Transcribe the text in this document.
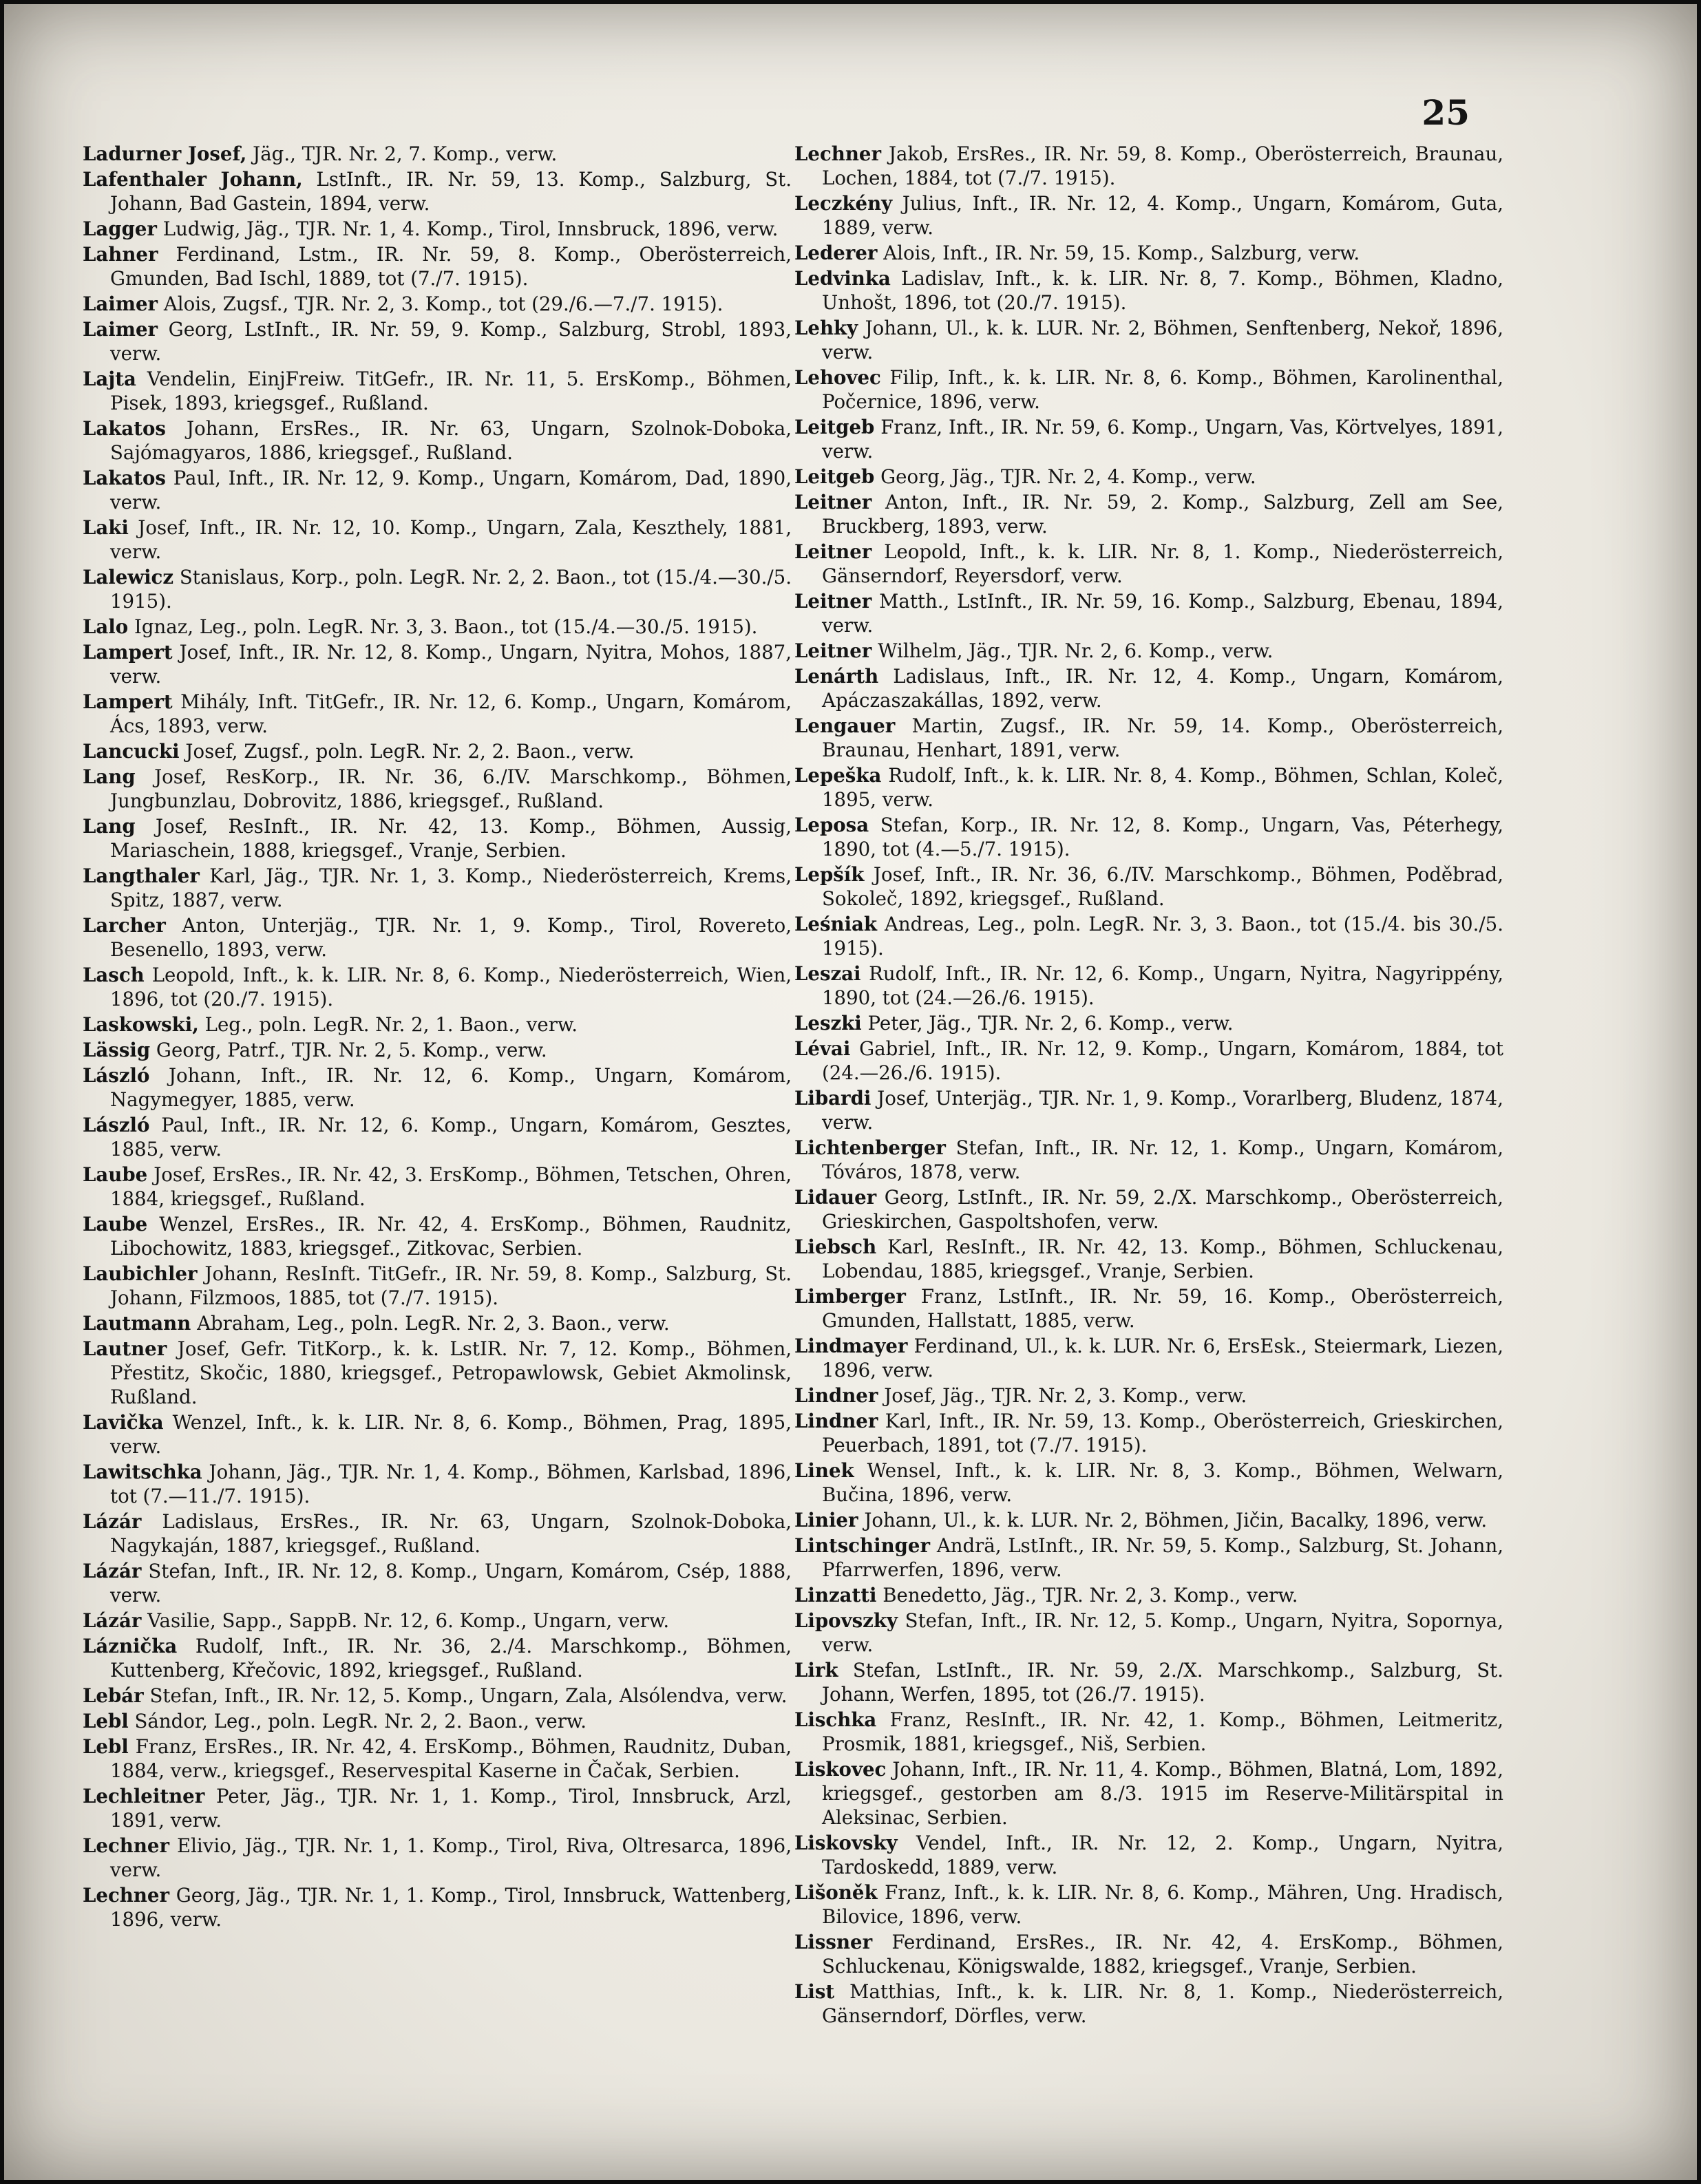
25

Ladurner Josef, Jäg., TJR. Nr. 2, 7. Komp., verw.

Lafenthaler Johann, LstInft., IR. Nr. 59, 13. Komp., Salzburg, St. Johann, Bad Gastein, 1894, verw.

Lagger Ludwig, Jäg., TJR. Nr. 1, 4. Komp., Tirol, Innsbruck, 1896, verw.

Lahner Ferdinand, Lstm., IR. Nr. 59, 8. Komp., Oberösterreich, Gmunden, Bad Ischl, 1889, tot (7./7. 1915).

Laimer Alois, Zugsf., TJR. Nr. 2, 3. Komp., tot (29./6.—7./7. 1915).

Laimer Georg, LstInft., IR. Nr. 59, 9. Komp., Salzburg, Strobl, 1893, verw.

Lajta Vendelin, EinjFreiw. TitGefr., IR. Nr. 11, 5. ErsKomp., Böhmen, Pisek, 1893, kriegsgef., Rußland.

Lakatos Johann, ErsRes., IR. Nr. 63, Ungarn, Szolnok-Doboka, Sajómagyaros, 1886, kriegsgef., Rußland.

Lakatos Paul, Inft., IR. Nr. 12, 9. Komp., Ungarn, Komárom, Dad, 1890, verw.

Laki Josef, Inft., IR. Nr. 12, 10. Komp., Ungarn, Zala, Keszthely, 1881, verw.

Lalewicz Stanislaus, Korp., poln. LegR. Nr. 2, 2. Baon., tot (15./4.—30./5. 1915).

Lalo Ignaz, Leg., poln. LegR. Nr. 3, 3. Baon., tot (15./4.—30./5. 1915).

Lampert Josef, Inft., IR. Nr. 12, 8. Komp., Ungarn, Nyitra, Mohos, 1887, verw.

Lampert Mihály, Inft. TitGefr., IR. Nr. 12, 6. Komp., Ungarn, Komárom, Ács, 1893, verw.

Lancucki Josef, Zugsf., poln. LegR. Nr. 2, 2. Baon., verw.

Lang Josef, ResKorp., IR. Nr. 36, 6./IV. Marschkomp., Böhmen, Jungbunzlau, Dobrovitz, 1886, kriegsgef., Rußland.

Lang Josef, ResInft., IR. Nr. 42, 13. Komp., Böhmen, Aussig, Mariaschein, 1888, kriegsgef., Vranje, Serbien.

Langthaler Karl, Jäg., TJR. Nr. 1, 3. Komp., Niederösterreich, Krems, Spitz, 1887, verw.

Larcher Anton, Unterjäg., TJR. Nr. 1, 9. Komp., Tirol, Rovereto, Besenello, 1893, verw.

Lasch Leopold, Inft., k. k. LIR. Nr. 8, 6. Komp., Niederösterreich, Wien, 1896, tot (20./7. 1915).

Laskowski, Leg., poln. LegR. Nr. 2, 1. Baon., verw.

Lässig Georg, Patrf., TJR. Nr. 2, 5. Komp., verw.

László Johann, Inft., IR. Nr. 12, 6. Komp., Ungarn, Komárom, Nagymegyer, 1885, verw.

László Paul, Inft., IR. Nr. 12, 6. Komp., Ungarn, Komárom, Gesztes, 1885, verw.

Laube Josef, ErsRes., IR. Nr. 42, 3. ErsKomp., Böhmen, Tetschen, Ohren, 1884, kriegsgef., Rußland.

Laube Wenzel, ErsRes., IR. Nr. 42, 4. ErsKomp., Böhmen, Raudnitz, Libochowitz, 1883, kriegsgef., Zitkovac, Serbien.

Laubichler Johann, ResInft. TitGefr., IR. Nr. 59, 8. Komp., Salzburg, St. Johann, Filzmoos, 1885, tot (7./7. 1915).

Lautmann Abraham, Leg., poln. LegR. Nr. 2, 3. Baon., verw.

Lautner Josef, Gefr. TitKorp., k. k. LstIR. Nr. 7, 12. Komp., Böhmen, Přestitz, Skočic, 1880, kriegsgef., Petropawlowsk, Gebiet Akmolinsk, Rußland.

Lavička Wenzel, Inft., k. k. LIR. Nr. 8, 6. Komp., Böhmen, Prag, 1895, verw.

Lawitschka Johann, Jäg., TJR. Nr. 1, 4. Komp., Böhmen, Karlsbad, 1896, tot (7.—11./7. 1915).

Lázár Ladislaus, ErsRes., IR. Nr. 63, Ungarn, Szolnok-Doboka, Nagykaján, 1887, kriegsgef., Rußland.

Lázár Stefan, Inft., IR. Nr. 12, 8. Komp., Ungarn, Komárom, Csép, 1888, verw.

Lázár Vasilie, Sapp., SappB. Nr. 12, 6. Komp., Ungarn, verw.

Láznička Rudolf, Inft., IR. Nr. 36, 2./4. Marschkomp., Böhmen, Kuttenberg, Křečovic, 1892, kriegsgef., Rußland.

Lebár Stefan, Inft., IR. Nr. 12, 5. Komp., Ungarn, Zala, Alsólendva, verw.

Lebl Sándor, Leg., poln. LegR. Nr. 2, 2. Baon., verw.

Lebl Franz, ErsRes., IR. Nr. 42, 4. ErsKomp., Böhmen, Raudnitz, Duban, 1884, verw., kriegsgef., Reservespital Kaserne in Čačak, Serbien.

Lechleitner Peter, Jäg., TJR. Nr. 1, 1. Komp., Tirol, Innsbruck, Arzl, 1891, verw.

Lechner Elivio, Jäg., TJR. Nr. 1, 1. Komp., Tirol, Riva, Oltresarca, 1896, verw.

Lechner Georg, Jäg., TJR. Nr. 1, 1. Komp., Tirol, Innsbruck, Wattenberg, 1896, verw.

Lechner Jakob, ErsRes., IR. Nr. 59, 8. Komp., Oberösterreich, Braunau, Lochen, 1884, tot (7./7. 1915).

Leczkény Julius, Inft., IR. Nr. 12, 4. Komp., Ungarn, Komárom, Guta, 1889, verw.

Lederer Alois, Inft., IR. Nr. 59, 15. Komp., Salzburg, verw.

Ledvinka Ladislav, Inft., k. k. LIR. Nr. 8, 7. Komp., Böhmen, Kladno, Unhošt, 1896, tot (20./7. 1915).

Lehky Johann, Ul., k. k. LUR. Nr. 2, Böhmen, Senftenberg, Nekoř, 1896, verw.

Lehovec Filip, Inft., k. k. LIR. Nr. 8, 6. Komp., Böhmen, Karolinenthal, Počernice, 1896, verw.

Leitgeb Franz, Inft., IR. Nr. 59, 6. Komp., Ungarn, Vas, Körtvelyes, 1891, verw.

Leitgeb Georg, Jäg., TJR. Nr. 2, 4. Komp., verw.

Leitner Anton, Inft., IR. Nr. 59, 2. Komp., Salzburg, Zell am See, Bruckberg, 1893, verw.

Leitner Leopold, Inft., k. k. LIR. Nr. 8, 1. Komp., Niederösterreich, Gänserndorf, Reyersdorf, verw.

Leitner Matth., LstInft., IR. Nr. 59, 16. Komp., Salzburg, Ebenau, 1894, verw.

Leitner Wilhelm, Jäg., TJR. Nr. 2, 6. Komp., verw.

Lenárth Ladislaus, Inft., IR. Nr. 12, 4. Komp., Ungarn, Komárom, Apáczaszakállas, 1892, verw.

Lengauer Martin, Zugsf., IR. Nr. 59, 14. Komp., Oberösterreich, Braunau, Henhart, 1891, verw.

Lepeška Rudolf, Inft., k. k. LIR. Nr. 8, 4. Komp., Böhmen, Schlan, Koleč, 1895, verw.

Leposa Stefan, Korp., IR. Nr. 12, 8. Komp., Ungarn, Vas, Péterhegy, 1890, tot (4.—5./7. 1915).

Lepšík Josef, Inft., IR. Nr. 36, 6./IV. Marschkomp., Böhmen, Poděbrad, Sokoleč, 1892, kriegsgef., Rußland.

Leśniak Andreas, Leg., poln. LegR. Nr. 3, 3. Baon., tot (15./4. bis 30./5. 1915).

Leszai Rudolf, Inft., IR. Nr. 12, 6. Komp., Ungarn, Nyitra, Nagyrippény, 1890, tot (24.—26./6. 1915).

Leszki Peter, Jäg., TJR. Nr. 2, 6. Komp., verw.

Lévai Gabriel, Inft., IR. Nr. 12, 9. Komp., Ungarn, Komárom, 1884, tot (24.—26./6. 1915).

Libardi Josef, Unterjäg., TJR. Nr. 1, 9. Komp., Vorarlberg, Bludenz, 1874, verw.

Lichtenberger Stefan, Inft., IR. Nr. 12, 1. Komp., Ungarn, Komárom, Tóváros, 1878, verw.

Lidauer Georg, LstInft., IR. Nr. 59, 2./X. Marschkomp., Oberösterreich, Grieskirchen, Gaspoltshofen, verw.

Liebsch Karl, ResInft., IR. Nr. 42, 13. Komp., Böhmen, Schluckenau, Lobendau, 1885, kriegsgef., Vranje, Serbien.

Limberger Franz, LstInft., IR. Nr. 59, 16. Komp., Oberösterreich, Gmunden, Hallstatt, 1885, verw.

Lindmayer Ferdinand, Ul., k. k. LUR. Nr. 6, ErsEsk., Steiermark, Liezen, 1896, verw.

Lindner Josef, Jäg., TJR. Nr. 2, 3. Komp., verw.

Lindner Karl, Inft., IR. Nr. 59, 13. Komp., Oberösterreich, Grieskirchen, Peuerbach, 1891, tot (7./7. 1915).

Linek Wensel, Inft., k. k. LIR. Nr. 8, 3. Komp., Böhmen, Welwarn, Bučina, 1896, verw.

Linier Johann, Ul., k. k. LUR. Nr. 2, Böhmen, Jičin, Bacalky, 1896, verw.

Lintschinger Andrä, LstInft., IR. Nr. 59, 5. Komp., Salzburg, St. Johann, Pfarrwerfen, 1896, verw.

Linzatti Benedetto, Jäg., TJR. Nr. 2, 3. Komp., verw.

Lipovszky Stefan, Inft., IR. Nr. 12, 5. Komp., Ungarn, Nyitra, Sopornya, verw.

Lirk Stefan, LstInft., IR. Nr. 59, 2./X. Marschkomp., Salzburg, St. Johann, Werfen, 1895, tot (26./7. 1915).

Lischka Franz, ResInft., IR. Nr. 42, 1. Komp., Böhmen, Leitmeritz, Prosmik, 1881, kriegsgef., Niš, Serbien.

Liskovec Johann, Inft., IR. Nr. 11, 4. Komp., Böhmen, Blatná, Lom, 1892, kriegsgef., gestorben am 8./3. 1915 im Reserve-Militärspital in Aleksinac, Serbien.

Liskovsky Vendel, Inft., IR. Nr. 12, 2. Komp., Ungarn, Nyitra, Tardoskedd, 1889, verw.

Lišoněk Franz, Inft., k. k. LIR. Nr. 8, 6. Komp., Mähren, Ung. Hradisch, Bilovice, 1896, verw.

Lissner Ferdinand, ErsRes., IR. Nr. 42, 4. ErsKomp., Böhmen, Schluckenau, Königswalde, 1882, kriegsgef., Vranje, Serbien.

List Matthias, Inft., k. k. LIR. Nr. 8, 1. Komp., Niederösterreich, Gänserndorf, Dörfles, verw.
